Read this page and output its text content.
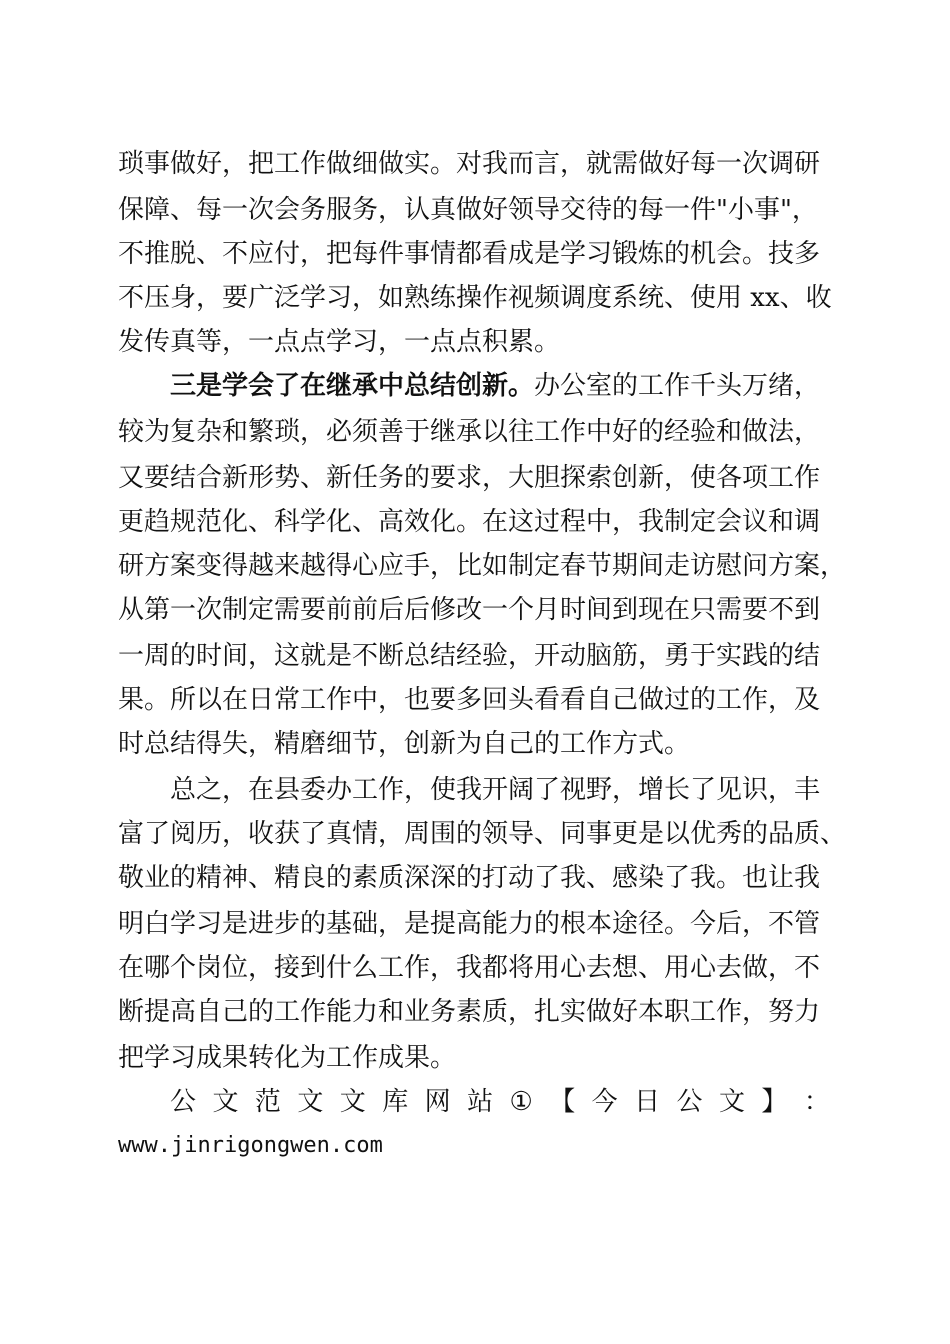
琐事做好，把工作做细做实。对我而言，就需做好每一次调研

保障、每一次会务服务，认真做好领导交待的每一件"小事"，

不推脱、不应付，把每件事情都看成是学习锻炼的机会。技多

不压身，要广泛学习，如熟练操作视频调度系统、使用 xx、收

发传真等，一点点学习，一点点积累。

三是学会了在继承中总结创新。办公室的工作千头万绪，

较为复杂和繁琐，必须善于继承以往工作中好的经验和做法，

又要结合新形势、新任务的要求，大胆探索创新，使各项工作

更趋规范化、科学化、高效化。在这过程中，我制定会议和调

研方案变得越来越得心应手，比如制定春节期间走访慰问方案，

从第一次制定需要前前后后修改一个月时间到现在只需要不到

一周的时间，这就是不断总结经验，开动脑筋，勇于实践的结

果。所以在日常工作中，也要多回头看看自己做过的工作，及

时总结得失，精磨细节，创新为自己的工作方式。

总之，在县委办工作，使我开阔了视野，增长了见识，丰

富了阅历，收获了真情，周围的领导、同事更是以优秀的品质、

敬业的精神、精良的素质深深的打动了我、感染了我。也让我

明白学习是进步的基础，是提高能力的根本途径。今后，不管

在哪个岗位，接到什么工作，我都将用心去想、用心去做，不

断提高自己的工作能力和业务素质，扎实做好本职工作，努力

把学习成果转化为工作成果。

公 文 范 文 文 库 网 站 ① 【 今 日 公 文 】 ：

www.jinrigongwen.com
